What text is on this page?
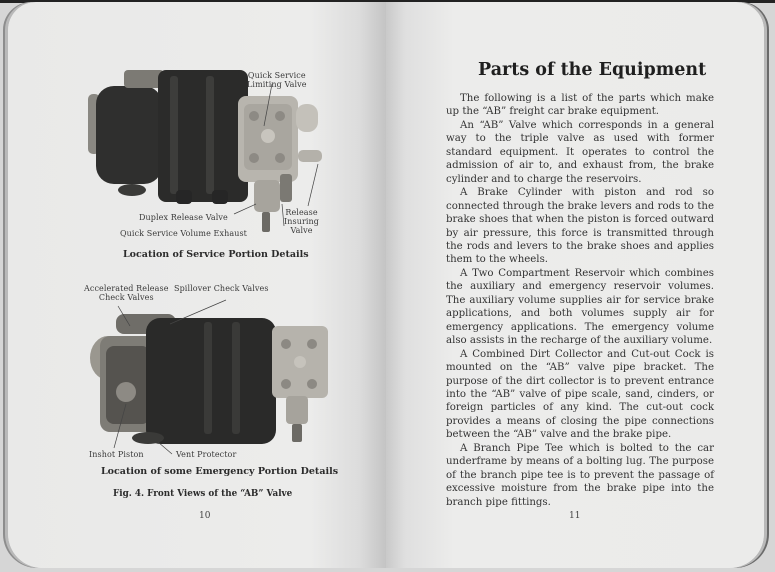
Quick Service
Limiting Valve
Duplex Release Valve
Quick Service Volume Exhaust
Release
Insuring
Valve
Location of Service Portion Details
Accelerated Release
Check Valves
Spillover Check Valves
Inshot Piston	Vent Protector
Location of some Emergency Portion Details
Fig. 4. Front Views of the “AB” Valve
10
Parts of the Equipment
11

The following is a list of the parts which make up the “AB” freight car brake equipment.

An “AB” Valve which corresponds in a general way to the triple valve as used with former standard equipment. It operates to control the admission of air to, and exhaust from, the brake cylinder and to charge the reservoirs.

A Brake Cylinder with piston and rod so connected through the brake levers and rods to the brake shoes that when the piston is forced outward by air pressure, this force is transmitted through the rods and levers to the brake shoes and applies them to the wheels.

A Two Compartment Reservoir which combines the auxiliary and emergency reservoir volumes. The auxiliary volume supplies air for service brake applications, and both volumes supply air for emergency applications. The emergency volume also assists in the recharge of the auxiliary volume.

A Combined Dirt Collector and Cut-out Cock is mounted on the “AB” valve pipe bracket. The purpose of the dirt collector is to prevent entrance into the “AB” valve of pipe scale, sand, cinders, or foreign particles of any kind. The cut-out cock provides a means of closing the pipe connections between the “AB” valve and the brake pipe.

A Branch Pipe Tee which is bolted to the car underframe by means of a bolting lug. The purpose of the branch pipe tee is to prevent the passage of excessive moisture from the brake pipe into the branch pipe fittings.
